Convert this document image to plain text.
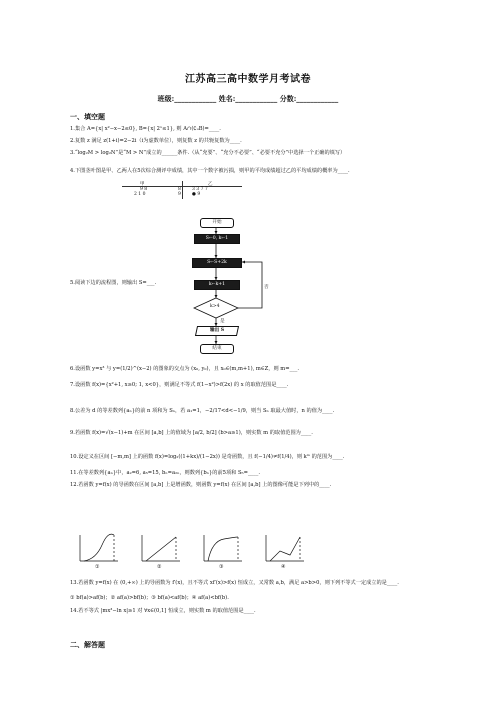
江苏高三高中数学月考试卷
班级:____________ 姓名:____________ 分数:____________
一、填空题
1.集合 A={x| x²−x−2≤0}, B={x| 2ˣ≤1}, 则 A∩(∁ᵤB)=____.
2.复数 z 满足 z(1+i)=2−2i（i为虚数单位），则复数 z 的共轭复数为____.
3.“log₂M > log₂N”是“M > N”成立的______条件.（从“充要”、“充分不必要”、“必要不充分”中选择一个正确的填写）
4.下图茎叶图是甲、乙两人在5次综合测评中成绩，其中一个数字被污损，则甲的平均成绩超过乙的平均成绩的概率为____.
甲	乙
9 8	8 3 3 7 7
2 1 0	9 ● 9
5.阅读下边的流程图，则输出 S=___.
开始
S←0, k←1
S←S+2k
k←k+1
k>4
否
是
输出 S
结束
6.设函数 y=x³ 与 y=(1/2)^(x−2) 的图象的交点为 (x₀, y₀)，且 x₀∈(m,m+1), m∈Z，则 m=___.
7.设函数 f(x)={x²+1, x≥0; 1, x<0}，则满足不等式 f(1−x²)>f(2x) 的 x 的取值范围是____.
8.公差为 d 的等差数列{aₙ}的前 n 项和为 Sₙ，若 a₁=1，−2/17<d<−1/9，则当 Sₙ 取最大值时，n 的值为____.
9.若函数 f(x)=√(x−1)+m 在区间 [a,b] 上的值域为 [a/2, b/2] (b>a≥1)，则实数 m 的取值范围为____.
10.设定义在区间 [−m,m] 上的函数 f(x)=log₂((1+kx)/(1−2x)) 是奇函数，且 f(−1/4)≠f(1/4)，则 kᵐ 的范围为____.
11.在等差数列{aₙ}中，a₂=6, a₅=15, bₙ=a₂ₙ，则数列{bₙ}的前5项和 S₅=____.
12.若函数 y=f(x) 的导函数在区间 [a,b] 上是增函数，则函数 y=f(x) 在区间 [a,b] 上的图像可能是下列中的____.
①	②	③	④
13.若函数 y=f(x) 在 (0,+∞) 上的导函数为 f′(x)，且不等式 xf′(x)>f(x) 恒成立，又常数 a,b，满足 a>b>0，则下列不等式一定成立的是____.
① bf(a)>af(b)；② af(a)>bf(b)；③ bf(a)<af(b)；④ af(a)<bf(b).
14.若不等式 |mx³−ln x|≥1 对 ∀x∈(0,1] 恒成立，则实数 m 的取值范围是____.
二、解答题
